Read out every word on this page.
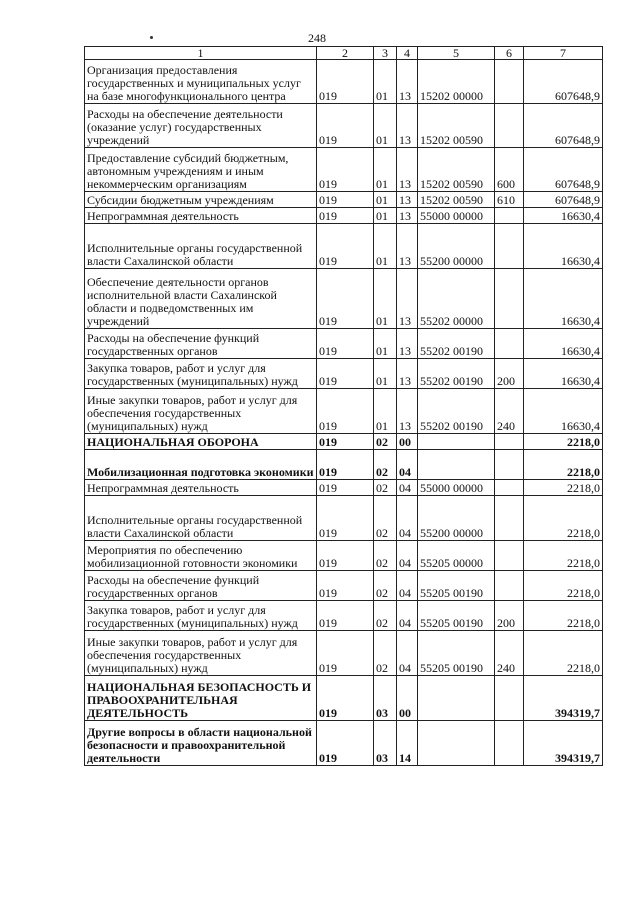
248
1	2	3	4	5	6	7
Организация предоставления государственных и муниципальных услуг на базе многофункционального центра	019	01	13	15202 00000		607648,9
Расходы на обеспечение деятельности (оказание услуг) государственных учреждений	019	01	13	15202 00590		607648,9
Предоставление субсидий бюджетным, автономным учреждениям и иным некоммерческим организациям	019	01	13	15202 00590	600	607648,9
Субсидии бюджетным учреждениям	019	01	13	15202 00590	610	607648,9
Непрограммная деятельность	019	01	13	55000 00000		16630,4
Исполнительные органы государственной власти Сахалинской области	019	01	13	55200 00000		16630,4
Обеспечение деятельности органов исполнительной власти Сахалинской области и подведомственных им учреждений	019	01	13	55202 00000		16630,4
Расходы на обеспечение функций государственных органов	019	01	13	55202 00190		16630,4
Закупка товаров, работ и услуг для государственных (муниципальных) нужд	019	01	13	55202 00190	200	16630,4
Иные закупки товаров, работ и услуг для обеспечения государственных (муниципальных) нужд	019	01	13	55202 00190	240	16630,4
НАЦИОНАЛЬНАЯ ОБОРОНА	019	02	00			2218,0
Мобилизационная подготовка экономики	019	02	04			2218,0
Непрограммная деятельность	019	02	04	55000 00000		2218,0
Исполнительные органы государственной власти Сахалинской области	019	02	04	55200 00000		2218,0
Мероприятия по обеспечению мобилизационной готовности экономики	019	02	04	55205 00000		2218,0
Расходы на обеспечение функций государственных органов	019	02	04	55205 00190		2218,0
Закупка товаров, работ и услуг для государственных (муниципальных) нужд	019	02	04	55205 00190	200	2218,0
Иные закупки товаров, работ и услуг для обеспечения государственных (муниципальных) нужд	019	02	04	55205 00190	240	2218,0
НАЦИОНАЛЬНАЯ БЕЗОПАСНОСТЬ И ПРАВООХРАНИТЕЛЬНАЯ ДЕЯТЕЛЬНОСТЬ	019	03	00			394319,7
Другие вопросы в области национальной безопасности и правоохранительной деятельности	019	03	14			394319,7
